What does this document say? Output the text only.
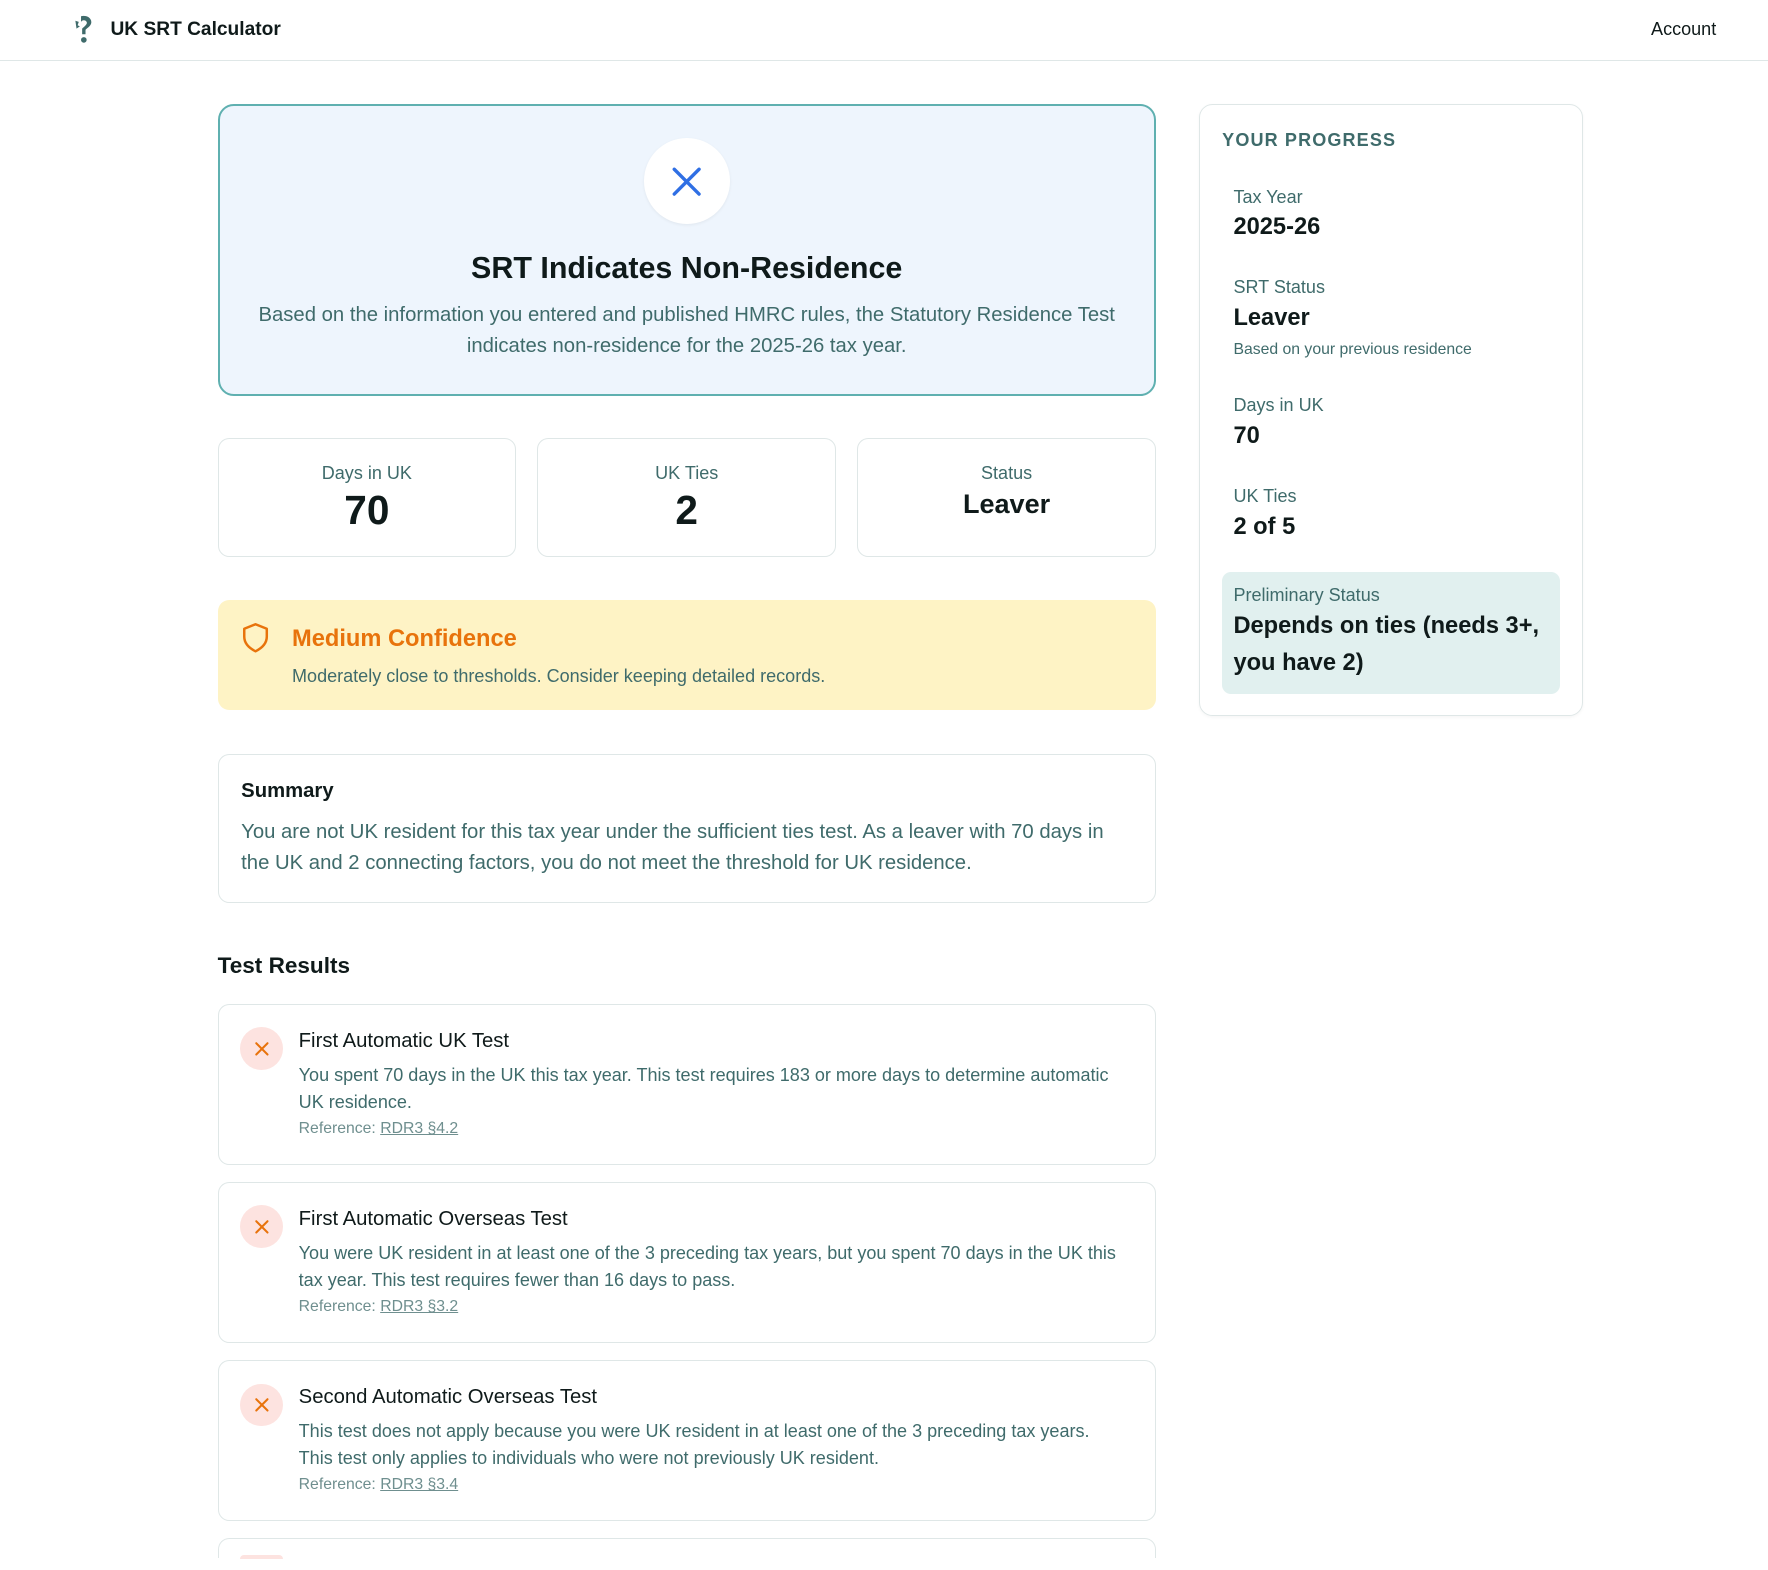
UK SRT Calculator	Account
SRT Indicates Non-Residence

Based on the information you entered and published HMRC rules, the Statutory Residence Test indicates non-residence for the 2025-26 tax year.

Days in UK
70
UK Ties
2
Status
Leaver
Medium Confidence
Moderately close to thresholds. Consider keeping detailed records.
Summary

You are not UK resident for this tax year under the sufficient ties test. As a leaver with 70 days in the UK and 2 connecting factors, you do not meet the threshold for UK residence.

Test Results
First Automatic UK Test

You spent 70 days in the UK this tax year. This test requires 183 or more days to determine automatic UK residence.

Reference: RDR3 §4.2
First Automatic Overseas Test

You were UK resident in at least one of the 3 preceding tax years, but you spent 70 days in the UK this tax year. This test requires fewer than 16 days to pass.

Reference: RDR3 §3.2
Second Automatic Overseas Test

This test does not apply because you were UK resident in at least one of the 3 preceding tax years. This test only applies to individuals who were not previously UK resident.

Reference: RDR3 §3.4
YOUR PROGRESS
Tax Year
2025-26
SRT Status
Leaver
Based on your previous residence
Days in UK
70
UK Ties
2 of 5
Preliminary Status
Depends on ties (needs 3+, you have 2)
